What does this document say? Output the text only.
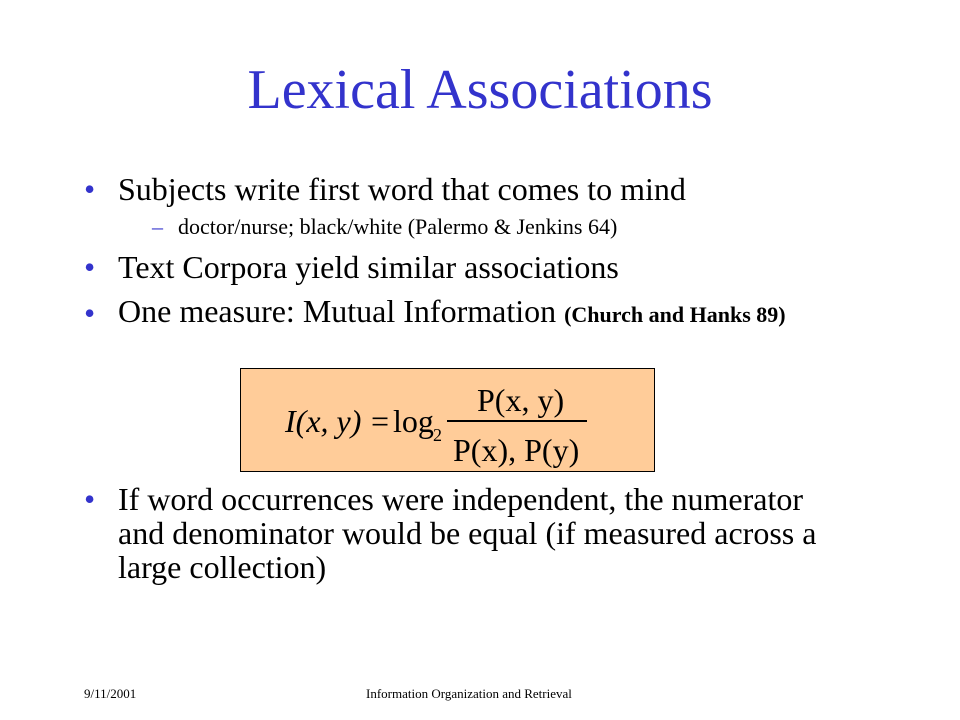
Lexical Associations
• Subjects write first word that comes to mind
– doctor/nurse; black/white (Palermo & Jenkins 64)
• Text Corpora yield similar associations
• One measure: Mutual Information (Church and Hanks 89)
I(x, y) = log 2
P(x, y)
P(x), P(y)
• If word occurrences were independent, the numerator and denominator would be equal (if measured across a large collection)
9/11/2001	Information Organization and Retrieval
